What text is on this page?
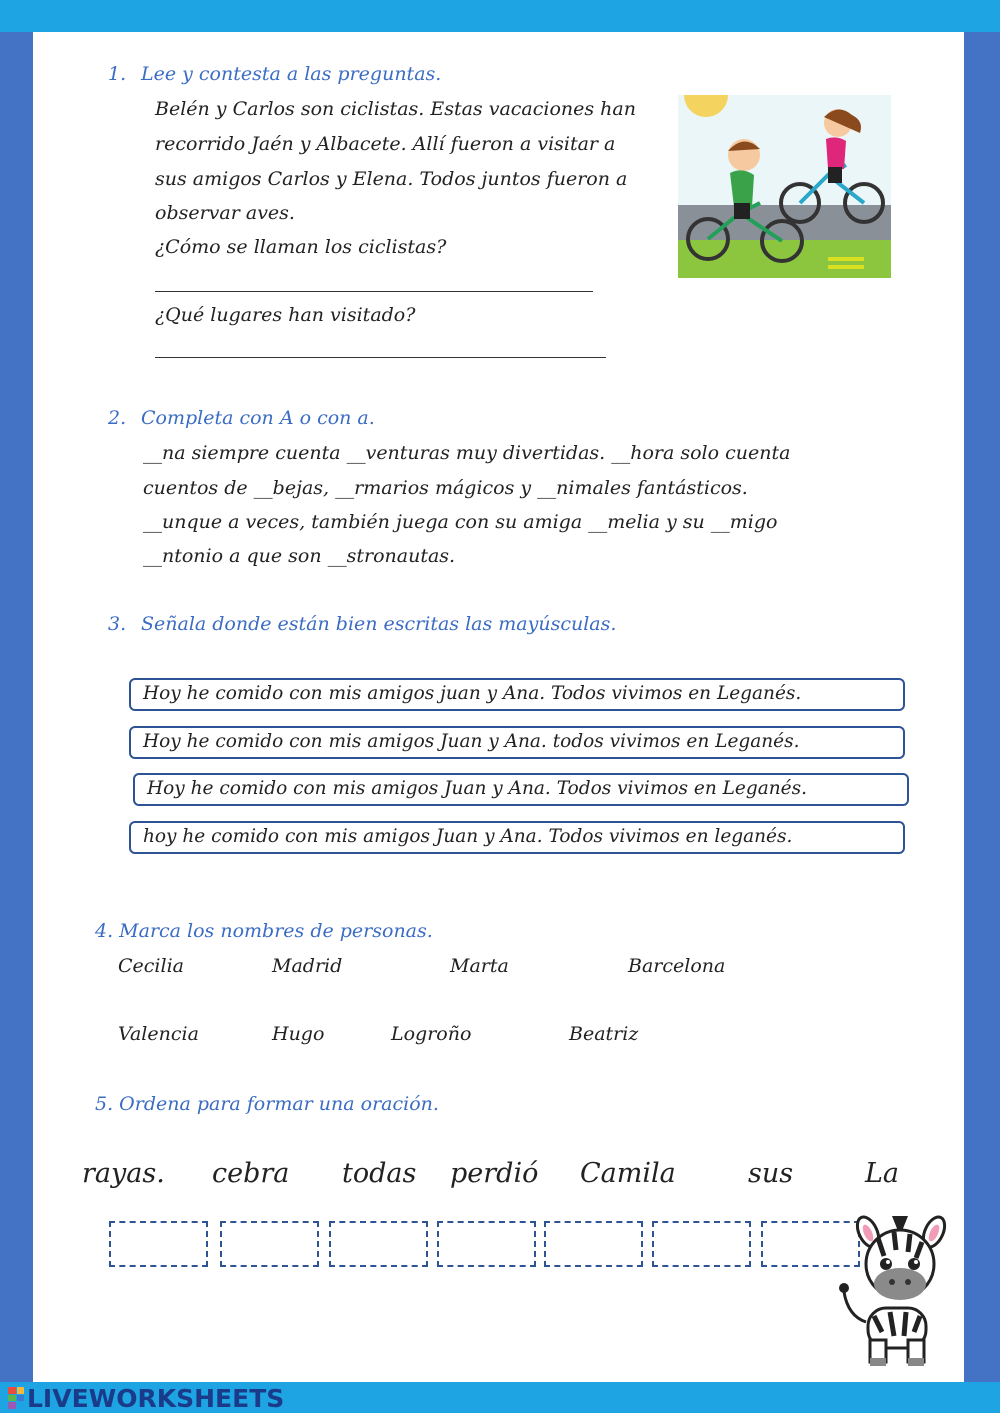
1. Lee y contesta a las preguntas.
Belén y Carlos son ciclistas. Estas vacaciones han
recorrido Jaén y Albacete. Allí fueron a visitar a
sus amigos Carlos y Elena. Todos juntos fueron a
observar aves.
¿Cómo se llaman los ciclistas?
¿Qué lugares han visitado?
2. Completa con A o con a.
__na siempre cuenta __venturas muy divertidas. __hora solo cuenta
cuentos de __bejas, __rmarios mágicos y __nimales fantásticos.
__unque a veces, también juega con su amiga __melia y su __migo
__ntonio a que son __stronautas.
3. Señala donde están bien escritas las mayúsculas.
Hoy he comido con mis amigos juan y Ana. Todos vivimos en Leganés.
Hoy he comido con mis amigos Juan y Ana. todos vivimos en Leganés.
Hoy he comido con mis amigos Juan y Ana. Todos vivimos en Leganés.
hoy he comido con mis amigos Juan y Ana. Todos vivimos en leganés.
4. Marca los nombres de personas.
Cecilia	Madrid	Marta	Barcelona
Valencia	Hugo	Logroño	Beatriz
5. Ordena para formar una oración.
rayas. cebra todas perdió Camila	sus	La
LIVEWORKSHEETS
